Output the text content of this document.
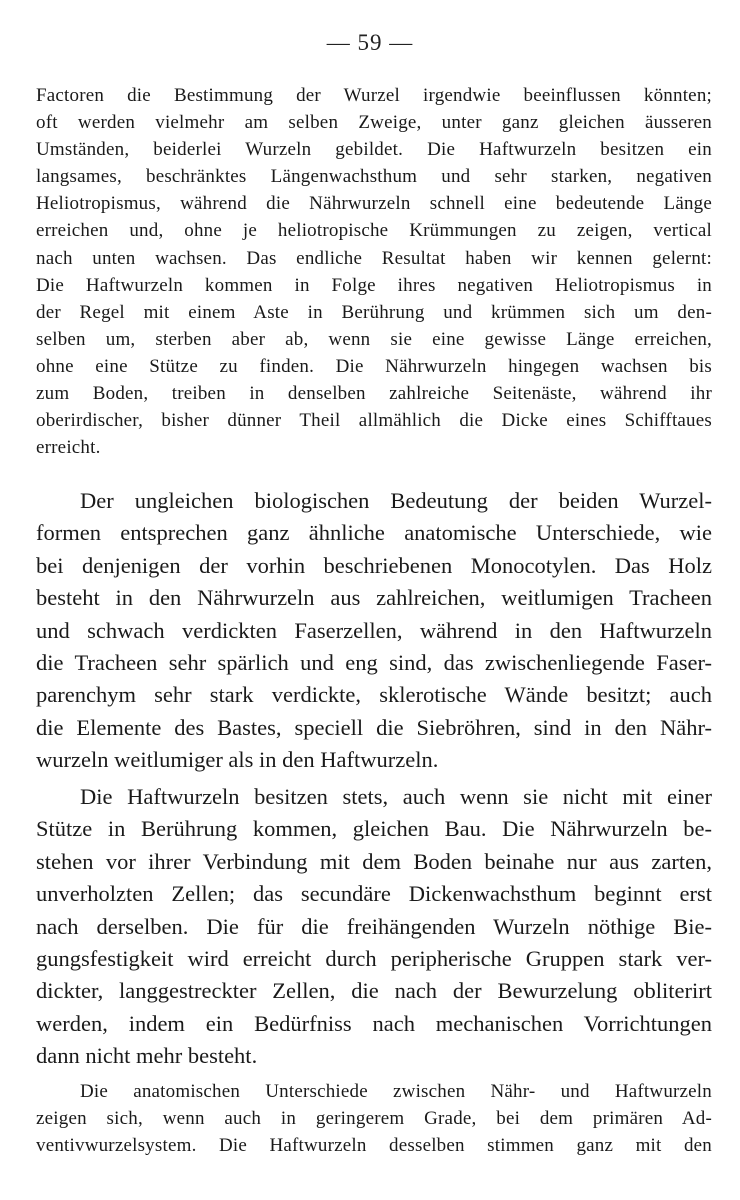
— 59 —
Factoren die Bestimmung der Wurzel irgendwie beeinflussen könnten;
oft werden vielmehr am selben Zweige, unter ganz gleichen äusseren
Umständen, beiderlei Wurzeln gebildet. Die Haftwurzeln besitzen ein
langsames, beschränktes Längenwachsthum und sehr starken, negativen
Heliotropismus, während die Nährwurzeln schnell eine bedeutende Länge
erreichen und, ohne je heliotropische Krümmungen zu zeigen, vertical
nach unten wachsen. Das endliche Resultat haben wir kennen gelernt:
Die Haftwurzeln kommen in Folge ihres negativen Heliotropismus in
der Regel mit einem Aste in Berührung und krümmen sich um den-
selben um, sterben aber ab, wenn sie eine gewisse Länge erreichen,
ohne eine Stütze zu finden. Die Nährwurzeln hingegen wachsen bis
zum Boden, treiben in denselben zahlreiche Seitenäste, während ihr
oberirdischer, bisher dünner Theil allmählich die Dicke eines Schifftaues
erreicht.
Der ungleichen biologischen Bedeutung der beiden Wurzel-
formen entsprechen ganz ähnliche anatomische Unterschiede, wie
bei denjenigen der vorhin beschriebenen Monocotylen. Das Holz
besteht in den Nährwurzeln aus zahlreichen, weitlumigen Tracheen
und schwach verdickten Faserzellen, während in den Haftwurzeln
die Tracheen sehr spärlich und eng sind, das zwischenliegende Faser-
parenchym sehr stark verdickte, sklerotische Wände besitzt; auch
die Elemente des Bastes, speciell die Siebröhren, sind in den Nähr-
wurzeln weitlumiger als in den Haftwurzeln.
Die Haftwurzeln besitzen stets, auch wenn sie nicht mit einer
Stütze in Berührung kommen, gleichen Bau. Die Nährwurzeln be-
stehen vor ihrer Verbindung mit dem Boden beinahe nur aus zarten,
unverholzten Zellen; das secundäre Dickenwachsthum beginnt erst
nach derselben. Die für die freihängenden Wurzeln nöthige Bie-
gungsfestigkeit wird erreicht durch peripherische Gruppen stark ver-
dickter, langgestreckter Zellen, die nach der Bewurzelung obliterirt
werden, indem ein Bedürfniss nach mechanischen Vorrichtungen
dann nicht mehr besteht.
Die anatomischen Unterschiede zwischen Nähr- und Haftwurzeln
zeigen sich, wenn auch in geringerem Grade, bei dem primären Ad-
ventivwurzelsystem. Die Haftwurzeln desselben stimmen ganz mit den
